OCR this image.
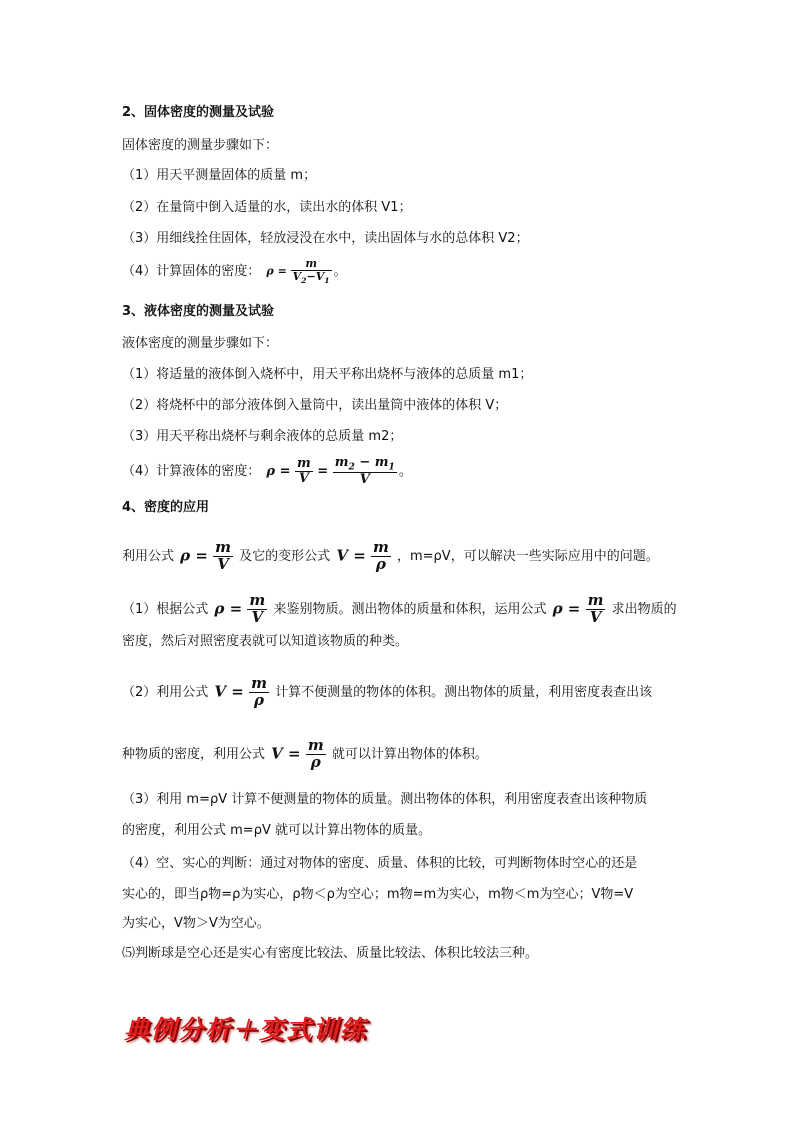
2、固体密度的测量及试验
固体密度的测量步骤如下：
（1）用天平测量固体的质量 m；
（2）在量筒中倒入适量的水，读出水的体积 V1；
（3）用细线拴住固体，轻放浸没在水中，读出固体与水的总体积 V2；
（4）计算固体的密度： $\rho = \frac{m}{V_2-V_1}$ 。
3、液体密度的测量及试验
液体密度的测量步骤如下：
（1）将适量的液体倒入烧杯中，用天平称出烧杯与液体的总质量 m1；
（2）将烧杯中的部分液体倒入量筒中，读出量筒中液体的体积 V；
（3）用天平称出烧杯与剩余液体的总质量 m2；
（4）计算液体的密度： $\rho = \frac{m}{V} = \frac{m_2 - m_1}{V}$ 。
4、密度的应用
利用公式 $\rho = \frac{m}{V}$ 及它的变形公式 $V = \frac{m}{\rho}$ ，m=ρV，可以解决一些实际应用中的问题。
（1）根据公式 $\rho = \frac{m}{V}$ 来鉴别物质。测出物体的质量和体积，运用公式 $\rho = \frac{m}{V}$ 求出物质的
密度，然后对照密度表就可以知道该物质的种类。
（2）利用公式 $V = \frac{m}{\rho}$ 计算不便测量的物体的体积。测出物体的质量，利用密度表查出该
种物质的密度，利用公式 $V = \frac{m}{\rho}$ 就可以计算出物体的体积。
（3）利用 m=ρV 计算不便测量的物体的质量。测出物体的体积，利用密度表查出该种物质
的密度，利用公式 m=ρV 就可以计算出物体的质量。
（4）空、实心的判断：通过对物体的密度、质量、体积的比较，可判断物体时空心的还是
实心的，即当ρ物=ρ为实心，ρ物＜ρ为空心；m物=m为实心，m物＜m为空心；V物=V
为实心，V物＞V为空心。
⑸判断球是空心还是实心有密度比较法、质量比较法、体积比较法三种。
典例分析＋变式训练
